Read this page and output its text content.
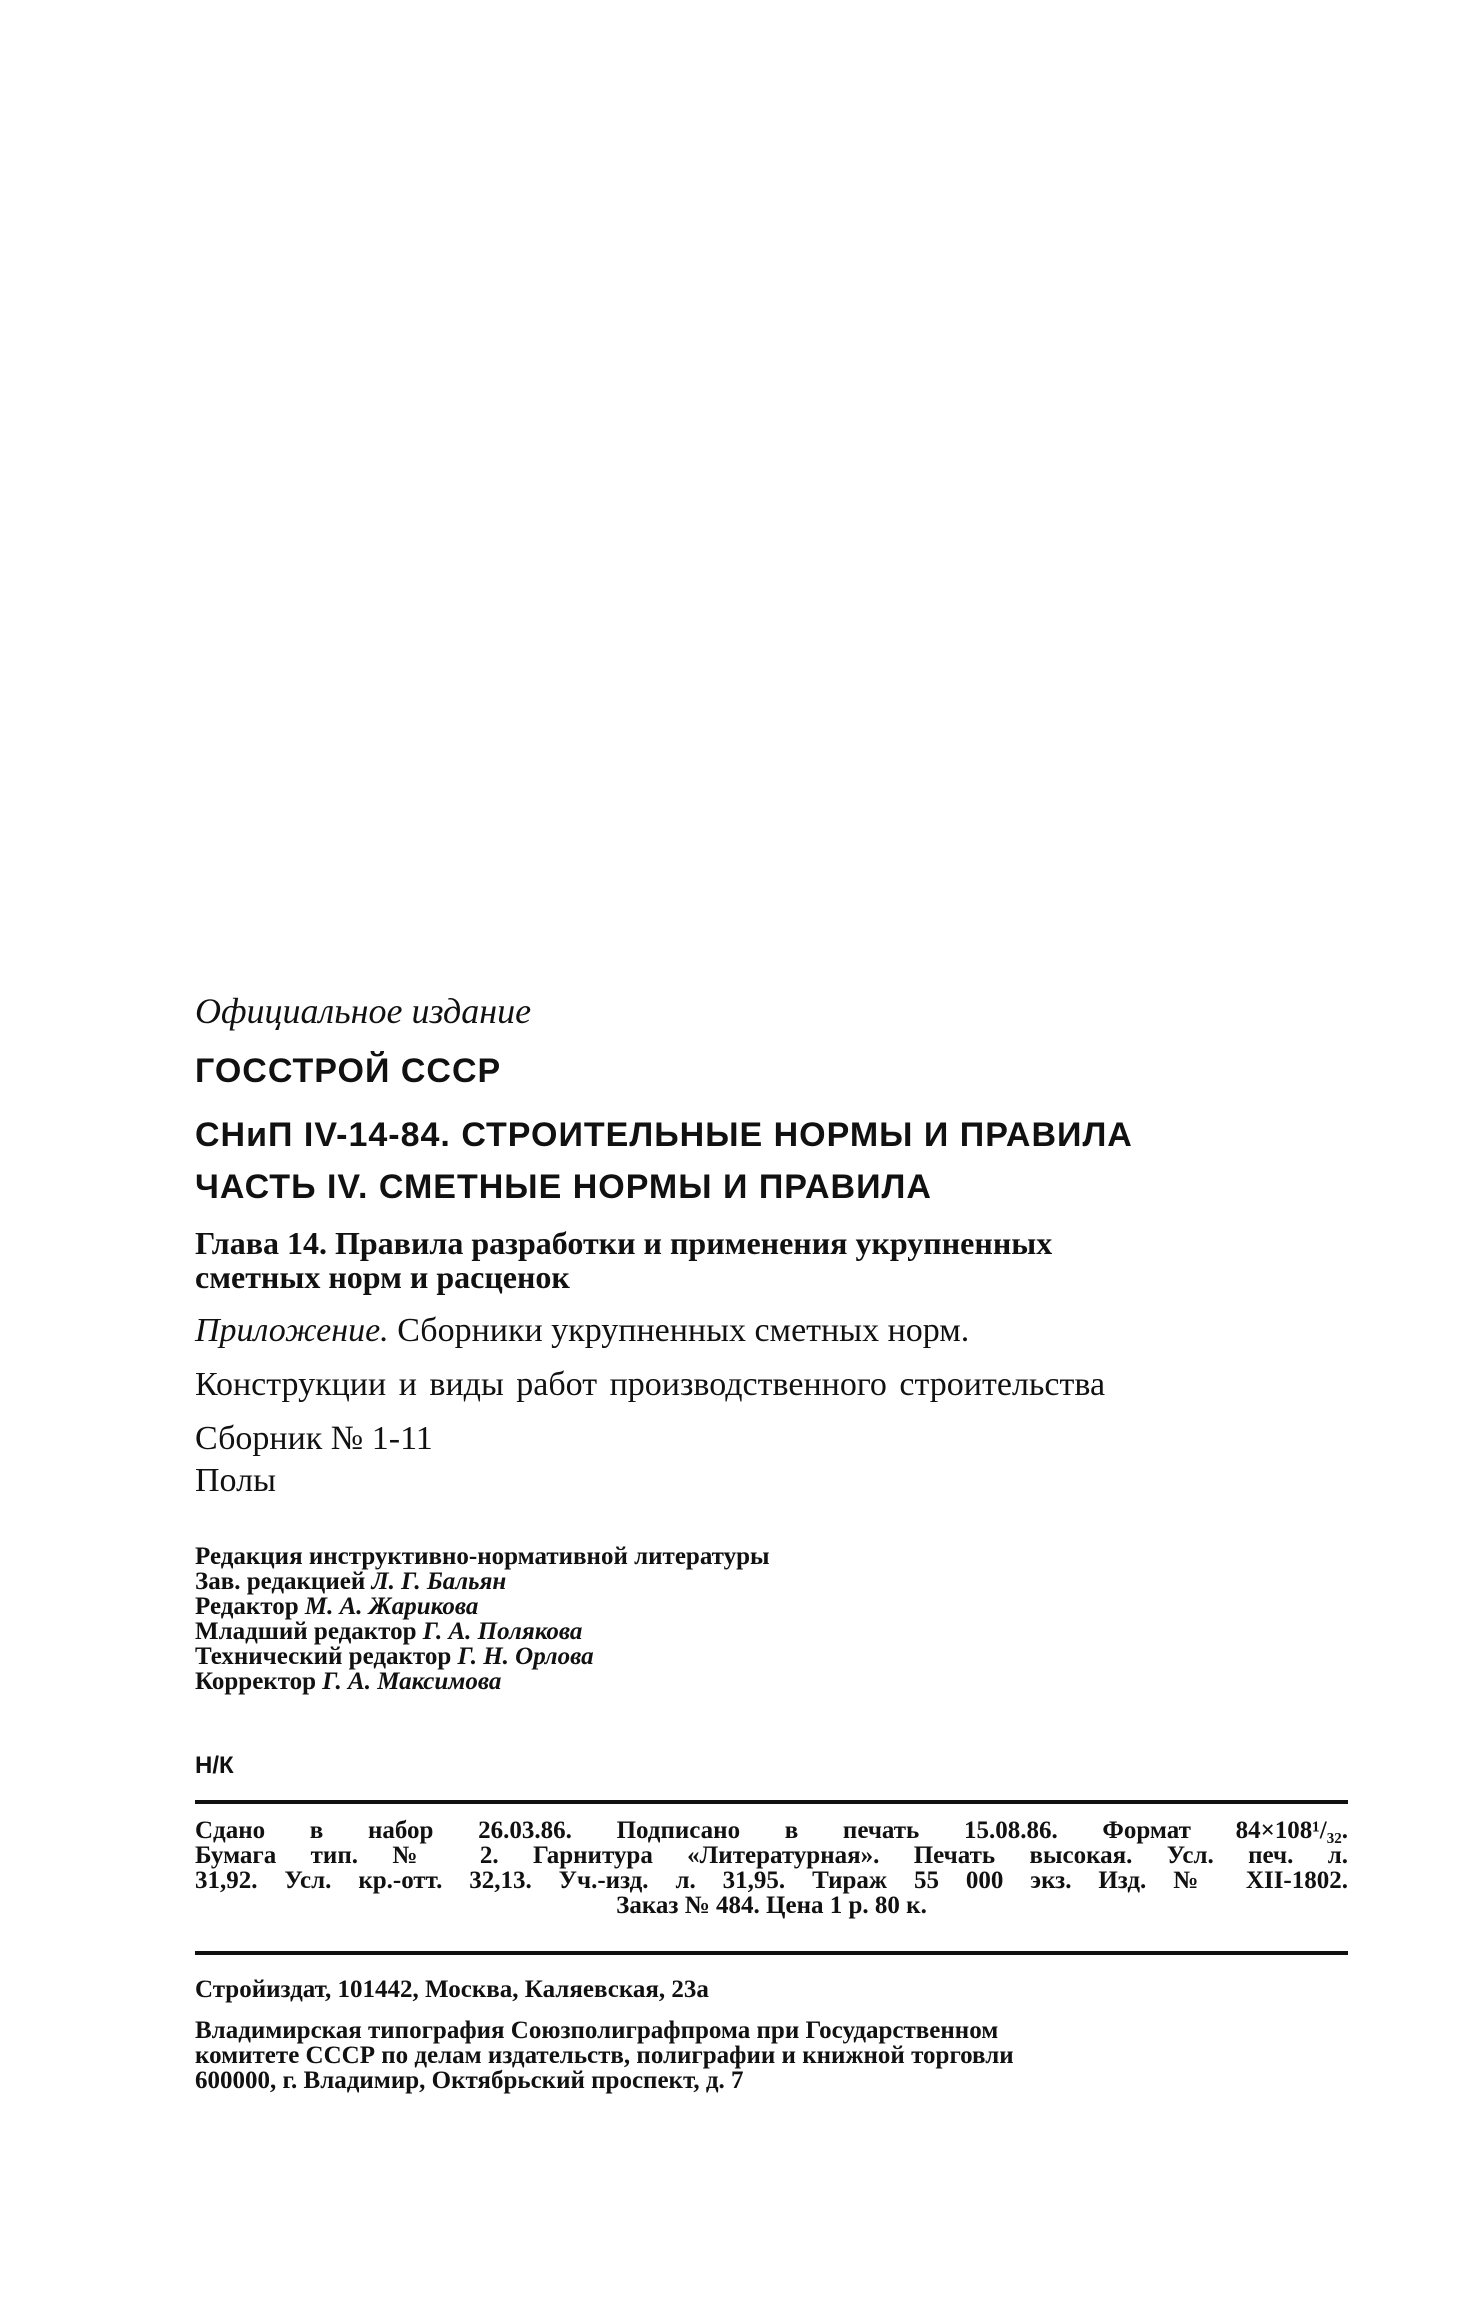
Официальное издание
ГОССТРОЙ СССР
СНиП IV-14-84. СТРОИТЕЛЬНЫЕ НОРМЫ И ПРАВИЛА
ЧАСТЬ IV. СМЕТНЫЕ НОРМЫ И ПРАВИЛА
Глава 14. Правила разработки и применения укрупненных
сметных норм и расценок
Приложение. Сборники укрупненных сметных норм.
Конструкции и виды работ производственного строительства
Сборник № 1-11
Полы
Редакция инструктивно-нормативной литературы
Зав. редакцией Л. Г. Бальян
Редактор М. А. Жарикова
Младший редактор Г. А. Полякова
Технический редактор Г. Н. Орлова
Корректор Г. А. Максимова
Н/К
Сдано в набор 26.03.86. Подписано в печать 15.08.86. Формат 84×108¹/₃₂.
Бумага тип. № 2. Гарнитура «Литературная». Печать высокая. Усл. печ. л.
31,92. Усл. кр.-отт. 32,13. Уч.-изд. л. 31,95. Тираж 55 000 экз. Изд. № XII-1802.
Заказ № 484. Цена 1 р. 80 к.
Стройиздат, 101442, Москва, Каляевская, 23а
Владимирская типография Союзполиграфпрома при Государственном
комитете СССР по делам издательств, полиграфии и книжной торговли
600000, г. Владимир, Октябрьский проспект, д. 7
